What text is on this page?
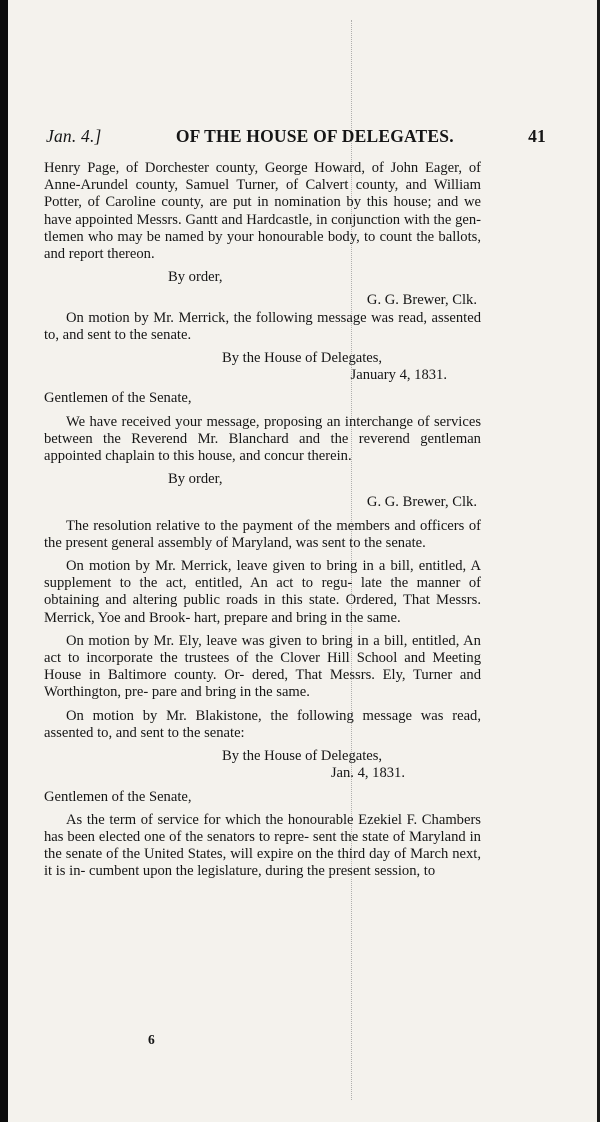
Jan. 4.]	OF THE HOUSE OF DELEGATES.	41

Henry Page, of Dorchester county, George Howard, of John Eager, of Anne-Arundel county, Samuel Turner, of Calvert county, and William Potter, of Caroline county, are put in nomination by this house; and we have appointed Messrs. Gantt and Hardcastle, in conjunction with the gen- tlemen who may be named by your honourable body, to count the ballots, and report thereon.

By order,

G. G. Brewer, Clk.

On motion by Mr. Merrick, the following message was read, assented to, and sent to the senate.

By the House of Delegates,

January 4, 1831.

Gentlemen of the Senate,

We have received your message, proposing an interchange of services between the Reverend Mr. Blanchard and the reverend gentleman appointed chaplain to this house, and concur therein.

By order,

G. G. Brewer, Clk.

The resolution relative to the payment of the members and officers of the present general assembly of Maryland, was sent to the senate.

On motion by Mr. Merrick, leave given to bring in a bill, entitled, A supplement to the act, entitled, An act to regu- late the manner of obtaining and altering public roads in this state. Ordered, That Messrs. Merrick, Yoe and Brook- hart, prepare and bring in the same.

On motion by Mr. Ely, leave was given to bring in a bill, entitled, An act to incorporate the trustees of the Clover Hill School and Meeting House in Baltimore county. Or- dered, That Messrs. Ely, Turner and Worthington, pre- pare and bring in the same.

On motion by Mr. Blakistone, the following message was read, assented to, and sent to the senate:

By the House of Delegates,

Jan. 4, 1831.

Gentlemen of the Senate,

As the term of service for which the honourable Ezekiel F. Chambers has been elected one of the senators to repre- sent the state of Maryland in the senate of the United States, will expire on the third day of March next, it is in- cumbent upon the legislature, during the present session, to

6
